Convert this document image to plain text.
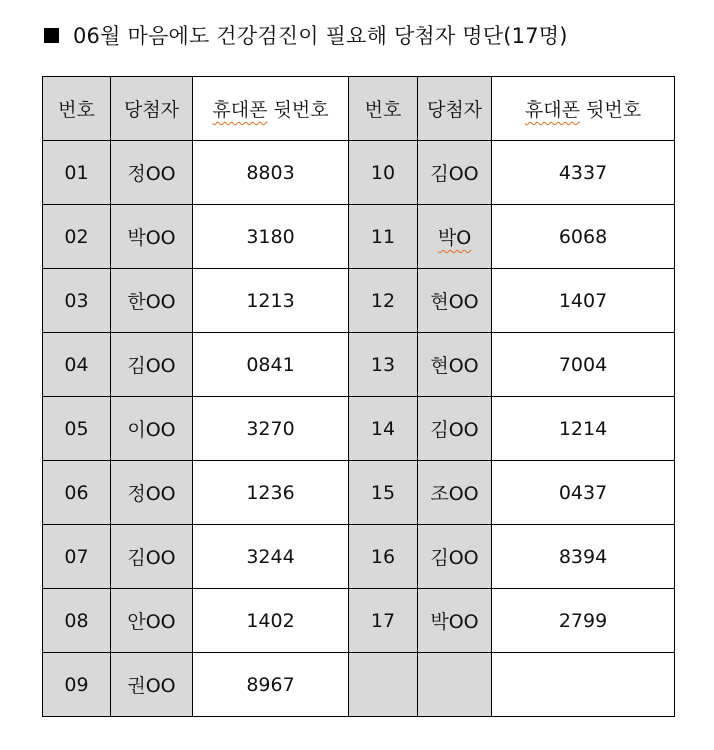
06월 마음에도 건강검진이 필요해 당첨자 명단(17명)
번호	당첨자	휴대폰 뒷번호	번호	당첨자	휴대폰 뒷번호
01	정OO	8803	10	김OO	4337
02	박OO	3180	11	박O	6068
03	한OO	1213	12	현OO	1407
04	김OO	0841	13	현OO	7004
05	이OO	3270	14	김OO	1214
06	정OO	1236	15	조OO	0437
07	김OO	3244	16	김OO	8394
08	안OO	1402	17	박OO	2799
09	권OO	8967			
